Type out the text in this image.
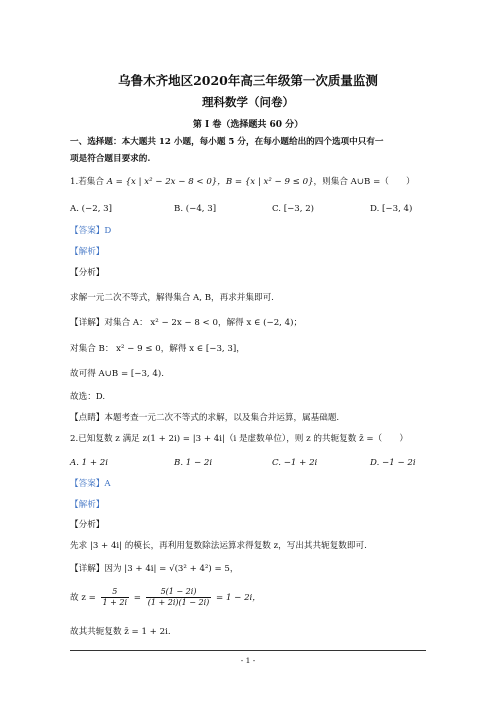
乌鲁木齐地区2020年高三年级第一次质量监测
理科数学（问卷）
第 I 卷（选择题共 60 分）
一、选择题：本大题共 12 小题，每小题 5 分，在每小题给出的四个选项中只有一
项是符合题目要求的.
1.若集合 A = {x | x² − 2x − 8 < 0}，B = {x | x² − 9 ≤ 0}，则集合 A∪B =（　　）
A. (−2, 3]	B. (−4, 3]	C. [−3, 2)	D. [−3, 4)
【答案】D
【解析】
【分析】
求解一元二次不等式，解得集合 A, B，再求并集即可.
【详解】对集合 A： x² − 2x − 8 < 0，解得 x ∈ (−2, 4)；
对集合 B： x² − 9 ≤ 0，解得 x ∈ [−3, 3]，
故可得 A∪B = [−3, 4).
故选：D.
【点睛】本题考查一元二次不等式的求解，以及集合并运算，属基础题.
2.已知复数 z 满足 z(1 + 2i) = |3 + 4i|（i 是虚数单位），则 z 的共轭复数 z̄ =（　　）
A. 1 + 2i	B. 1 − 2i	C. −1 + 2i	D. −1 − 2i
【答案】A
【解析】
【分析】
先求 |3 + 4i| 的模长，再利用复数除法运算求得复数 z，写出其共轭复数即可.
【详解】因为 |3 + 4i| = √(3² + 4²) = 5，
故 $z = \frac{5}{1 + 2i} = \frac{5(1 - 2i)}{(1 + 2i)(1 - 2i)} = 1 - 2i$，
故其共轭复数 z̄ = 1 + 2i.
- 1 -
